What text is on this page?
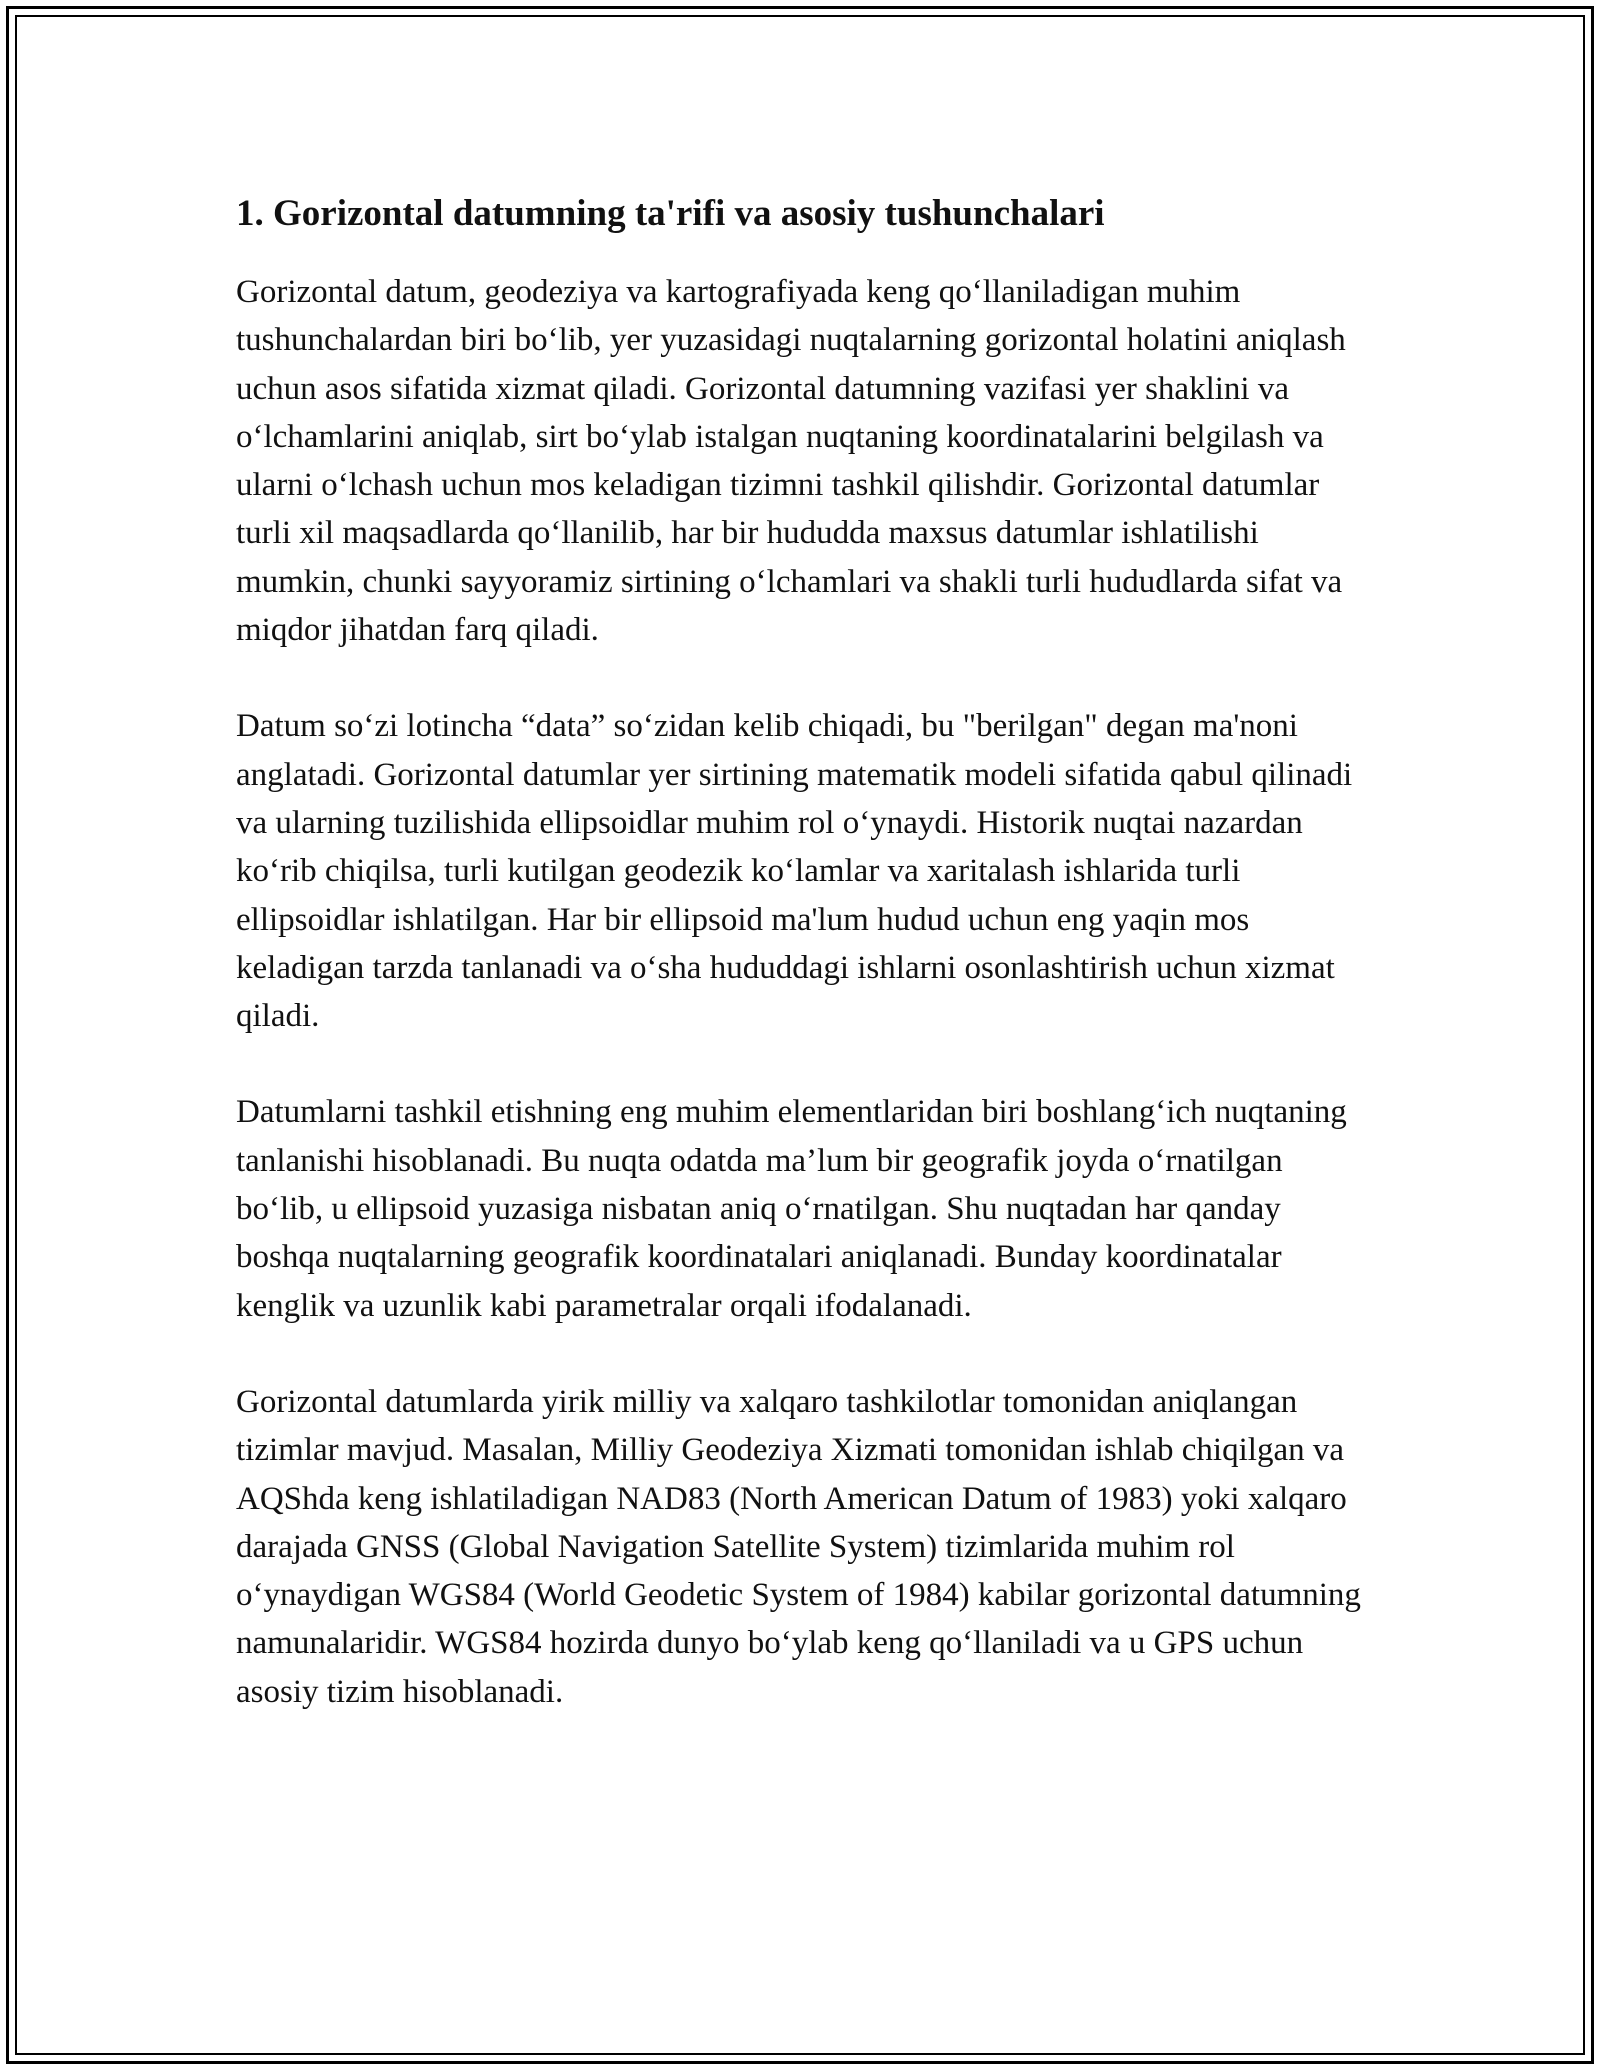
1. Gorizontal datumning ta'rifi va asosiy tushunchalari

Gorizontal datum, geodeziya va kartografiyada keng qo‘llaniladigan muhim tushunchalardan biri bo‘lib, yer yuzasidagi nuqtalarning gorizontal holatini aniqlash uchun asos sifatida xizmat qiladi. Gorizontal datumning vazifasi yer shaklini va o‘lchamlarini aniqlab, sirt bo‘ylab istalgan nuqtaning koordinatalarini belgilash va ularni o‘lchash uchun mos keladigan tizimni tashkil qilishdir. Gorizontal datumlar turli xil maqsadlarda qo‘llanilib, har bir hududda maxsus datumlar ishlatilishi mumkin, chunki sayyoramiz sirtining o‘lchamlari va shakli turli hududlarda sifat va miqdor jihatdan farq qiladi.

Datum so‘zi lotincha “data” so‘zidan kelib chiqadi, bu "berilgan" degan ma'noni anglatadi. Gorizontal datumlar yer sirtining matematik modeli sifatida qabul qilinadi va ularning tuzilishida ellipsoidlar muhim rol o‘ynaydi. Historik nuqtai nazardan ko‘rib chiqilsa, turli kutilgan geodezik ko‘lamlar va xaritalash ishlarida turli ellipsoidlar ishlatilgan. Har bir ellipsoid ma'lum hudud uchun eng yaqin mos keladigan tarzda tanlanadi va o‘sha hududdagi ishlarni osonlashtirish uchun xizmat qiladi.

Datumlarni tashkil etishning eng muhim elementlaridan biri boshlang‘ich nuqtaning tanlanishi hisoblanadi. Bu nuqta odatda ma’lum bir geografik joyda o‘rnatilgan bo‘lib, u ellipsoid yuzasiga nisbatan aniq o‘rnatilgan. Shu nuqtadan har qanday boshqa nuqtalarning geografik koordinatalari aniqlanadi. Bunday koordinatalar kenglik va uzunlik kabi parametralar orqali ifodalanadi.

Gorizontal datumlarda yirik milliy va xalqaro tashkilotlar tomonidan aniqlangan tizimlar mavjud. Masalan, Milliy Geodeziya Xizmati tomonidan ishlab chiqilgan va AQShda keng ishlatiladigan NAD83 (North American Datum of 1983) yoki xalqaro darajada GNSS (Global Navigation Satellite System) tizimlarida muhim rol o‘ynaydigan WGS84 (World Geodetic System of 1984) kabilar gorizontal datumning namunalaridir. WGS84 hozirda dunyo bo‘ylab keng qo‘llaniladi va u GPS uchun asosiy tizim hisoblanadi.
